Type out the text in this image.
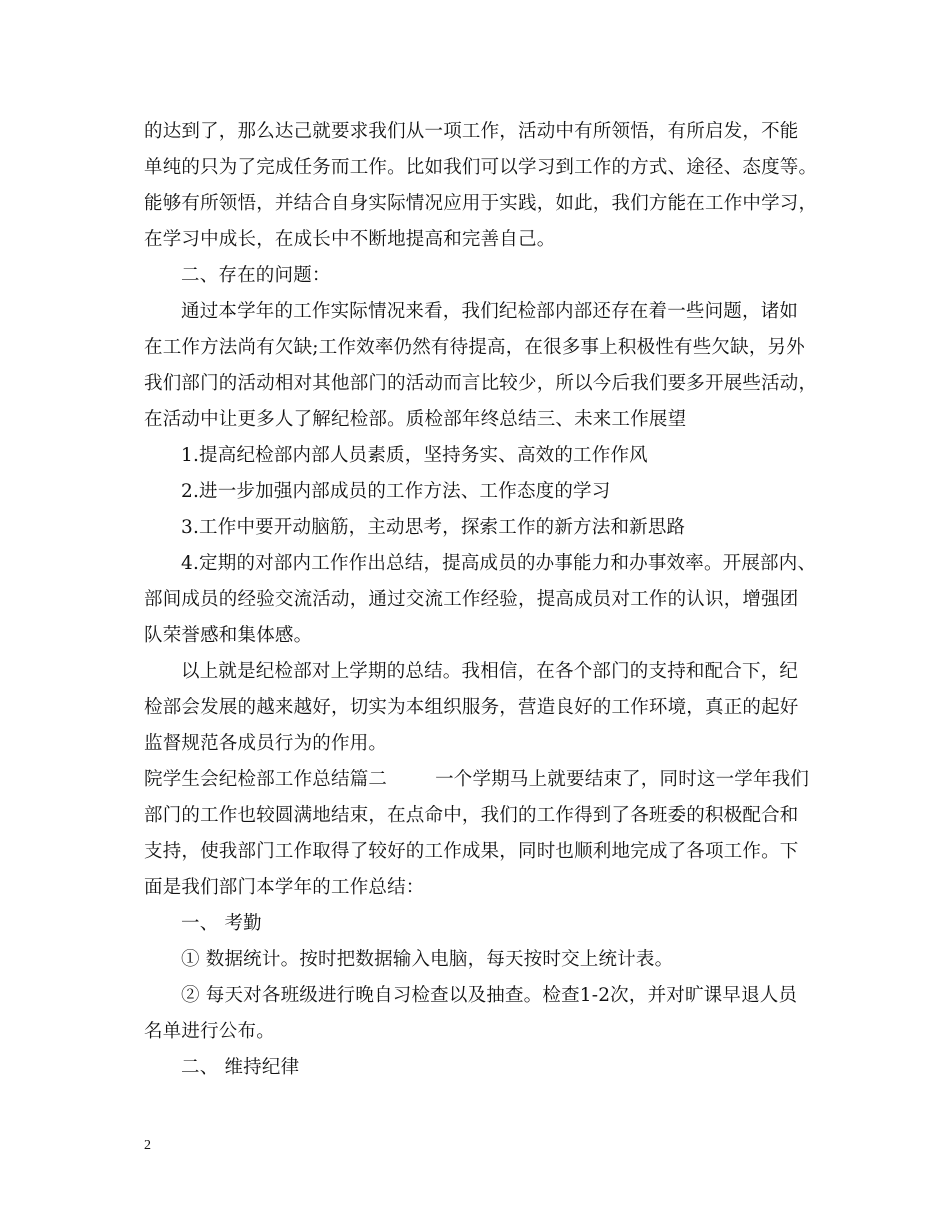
的达到了，那么达己就要求我们从一项工作，活动中有所领悟，有所启发，不能
单纯的只为了完成任务而工作。比如我们可以学习到工作的方式、途径、态度等。
能够有所领悟，并结合自身实际情况应用于实践，如此，我们方能在工作中学习，
在学习中成长，在成长中不断地提高和完善自己。
二、存在的问题：
通过本学年的工作实际情况来看，我们纪检部内部还存在着一些问题，诸如
在工作方法尚有欠缺;工作效率仍然有待提高，在很多事上积极性有些欠缺，另外
我们部门的活动相对其他部门的活动而言比较少，所以今后我们要多开展些活动，
在活动中让更多人了解纪检部。质检部年终总结三、未来工作展望
1.提高纪检部内部人员素质，坚持务实、高效的工作作风
2.进一步加强内部成员的工作方法、工作态度的学习
3.工作中要开动脑筋，主动思考，探索工作的新方法和新思路
4.定期的对部内工作作出总结，提高成员的办事能力和办事效率。开展部内、
部间成员的经验交流活动，通过交流工作经验，提高成员对工作的认识，增强团
队荣誉感和集体感。
以上就是纪检部对上学期的总结。我相信，在各个部门的支持和配合下，纪
检部会发展的越来越好，切实为本组织服务，营造良好的工作环境，真正的起好
监督规范各成员行为的作用。
院学生会纪检部工作总结篇二	一个学期马上就要结束了，同时这一学年我们
部门的工作也较圆满地结束，在点命中，我们的工作得到了各班委的积极配合和
支持，使我部门工作取得了较好的工作成果，同时也顺利地完成了各项工作。下
面是我们部门本学年的工作总结：
一、 考勤
① 数据统计。按时把数据输入电脑，每天按时交上统计表。
② 每天对各班级进行晚自习检查以及抽查。检查1-2次，并对旷课早退人员
名单进行公布。
二、 维持纪律
2
